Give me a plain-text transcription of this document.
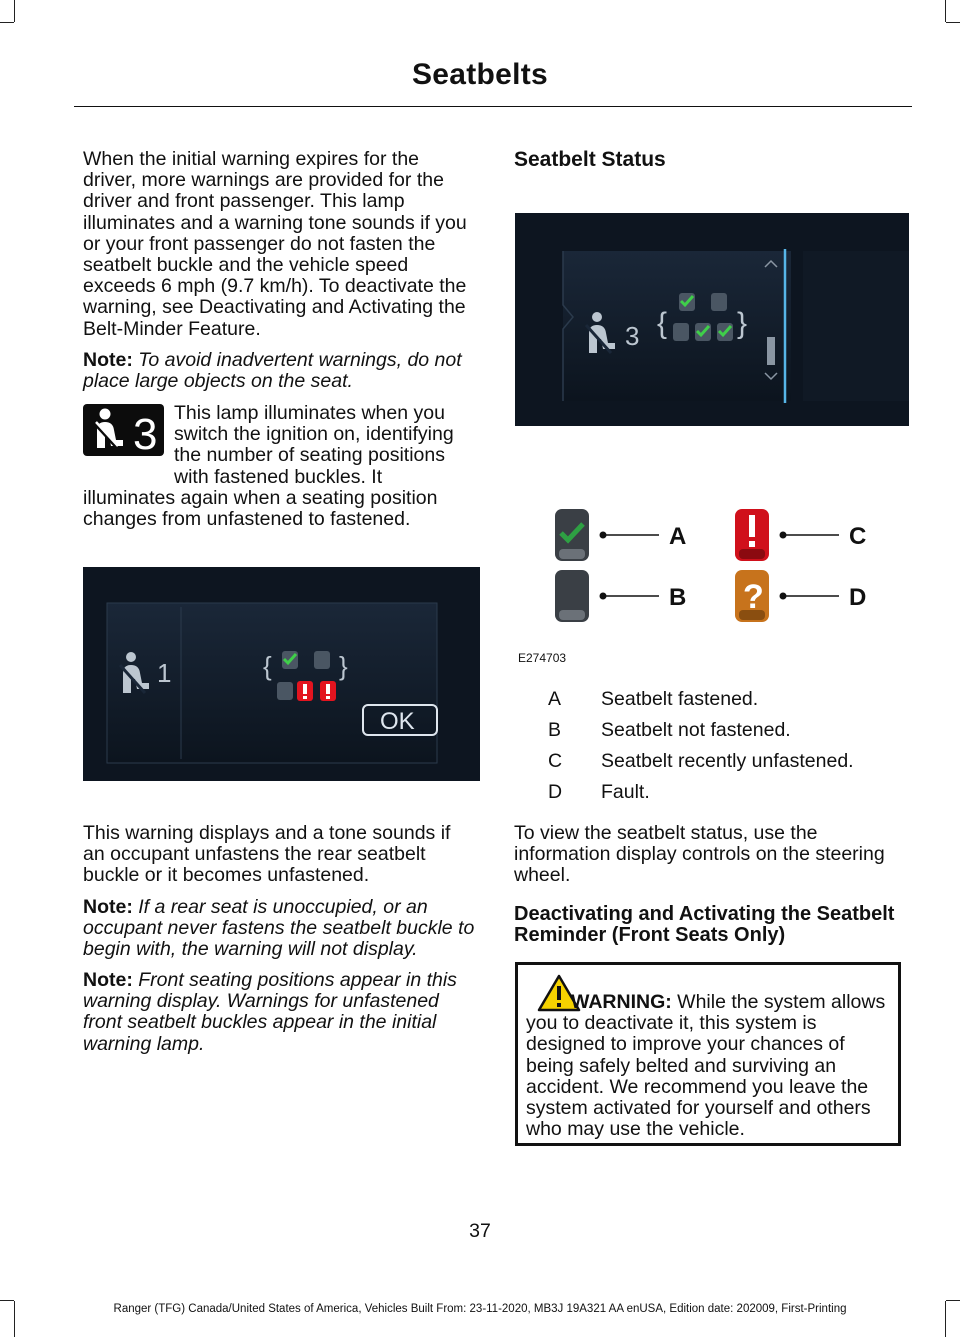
Seatbelts

When the initial warning expires for the driver, more warnings are provided for the driver and front passenger. This lamp illuminates and a warning tone sounds if you or your front passenger do not fasten the seatbelt buckle and the vehicle speed exceeds 6 mph (9.7 km/h). To deactivate the warning, see Deactivating and Activating the Belt-Minder Feature.

Note: To avoid inadvertent warnings, do not place large objects on the seat.

3 This lamp illuminates when you switch the ignition on, identifying the number of seating positions with fastened buckles. It illuminates again when a seating position changes from unfastened to fastened.
1	{	}
OK

This warning displays and a tone sounds if an occupant unfastens the rear seatbelt buckle or it becomes unfastened.

Note: If a rear seat is unoccupied, or an occupant never fastens the seatbelt buckle to begin with, the warning will not display.

Note: Front seating positions appear in this warning display. Warnings for unfastened front seatbelt buckles appear in the initial warning lamp.

Seatbelt Status
3 { }
A
B
C
?	D
E274703
A	Seatbelt fastened.
B	Seatbelt not fastened.
C	Seatbelt recently unfastened.
D	Fault.

To view the seatbelt status, use the information display controls on the steering wheel.

Deactivating and Activating the Seatbelt Reminder (Front Seats Only)

WARNING: While the system allows you to deactivate it, this system is designed to improve your chances of being safely belted and surviving an accident. We recommend you leave the system activated for yourself and others who may use the vehicle.

37
Ranger (TFG) Canada/United States of America, Vehicles Built From: 23-11-2020, MB3J 19A321 AA enUSA, Edition date: 202009, First-Printing
